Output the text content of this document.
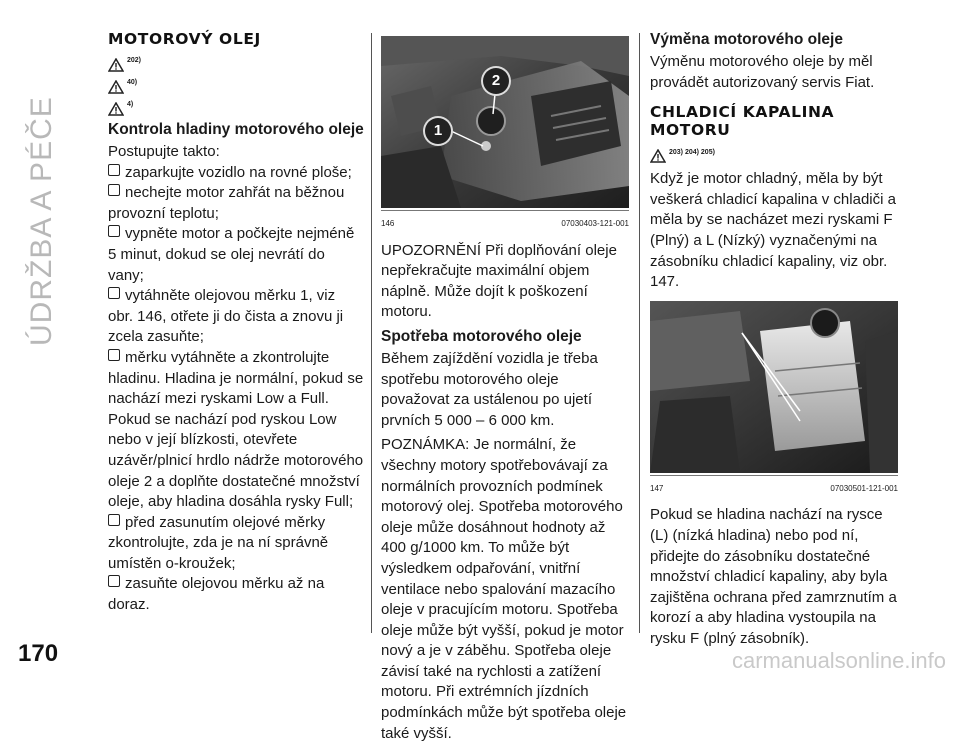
ÚDRŽBA A PÉČE
170	carmanualsonline.info
MOTOROVÝ OLEJ
202)
40)
4)
Kontrola hladiny motorového oleje

Postupujte takto:

zaparkujte vozidlo na rovné ploše;

nechejte motor zahřát na běžnou provozní teplotu;

vypněte motor a počkejte nejméně 5 minut, dokud se olej nevrátí do vany;

vytáhněte olejovou měrku 1, viz obr. 146, otřete ji do čista a znovu ji zcela zasuňte;

měrku vytáhněte a zkontrolujte hladinu. Hladina je normální, pokud se nachází mezi ryskami Low a Full. Pokud se nachází pod ryskou Low nebo v její blízkosti, otevřete uzávěr/plnicí hrdlo nádrže motorového oleje 2 a doplňte dostatečné množství oleje, aby hladina dosáhla rysky Full;

před zasunutím olejové měrky zkontrolujte, zda je na ní správně umístěn o-kroužek;

zasuňte olejovou měrku až na doraz.

2
1
146	07030403-121-001

UPOZORNĚNÍ Při doplňování oleje nepřekračujte maximální objem náplně. Může dojít k poškození motoru.

Spotřeba motorového oleje

Během zajíždění vozidla je třeba spotřebu motorového oleje považovat za ustálenou po ujetí prvních 5 000 – 6 000 km.

POZNÁMKA: Je normální, že všechny motory spotřebovávají za normálních provozních podmínek motorový olej. Spotřeba motorového oleje může dosáhnout hodnoty až 400 g/1000 km. To může být výsledkem odpařování, vnitřní ventilace nebo spalování mazacího oleje v pracujícím motoru. Spotřeba oleje může být vyšší, pokud je motor nový a je v záběhu. Spotřeba oleje závisí také na rychlosti a zatížení motoru. Při extrémních jízdních podmínkách může být spotřeba oleje také vyšší.

Výměna motorového oleje

Výměnu motorového oleje by měl provádět autorizovaný servis Fiat.

CHLADICÍ KAPALINA MOTORU
203) 204) 205)

Když je motor chladný, měla by být veškerá chladicí kapalina v chladiči a měla by se nacházet mezi ryskami F (Plný) a L (Nízký) vyznačenými na zásobníku chladicí kapaliny, viz obr. 147.

147	07030501-121-001

Pokud se hladina nachází na rysce (L) (nízká hladina) nebo pod ní, přidejte do zásobníku dostatečné množství chladicí kapaliny, aby byla zajištěna ochrana před zamrznutím a korozí a aby hladina vystoupila na rysku F (plný zásobník).
